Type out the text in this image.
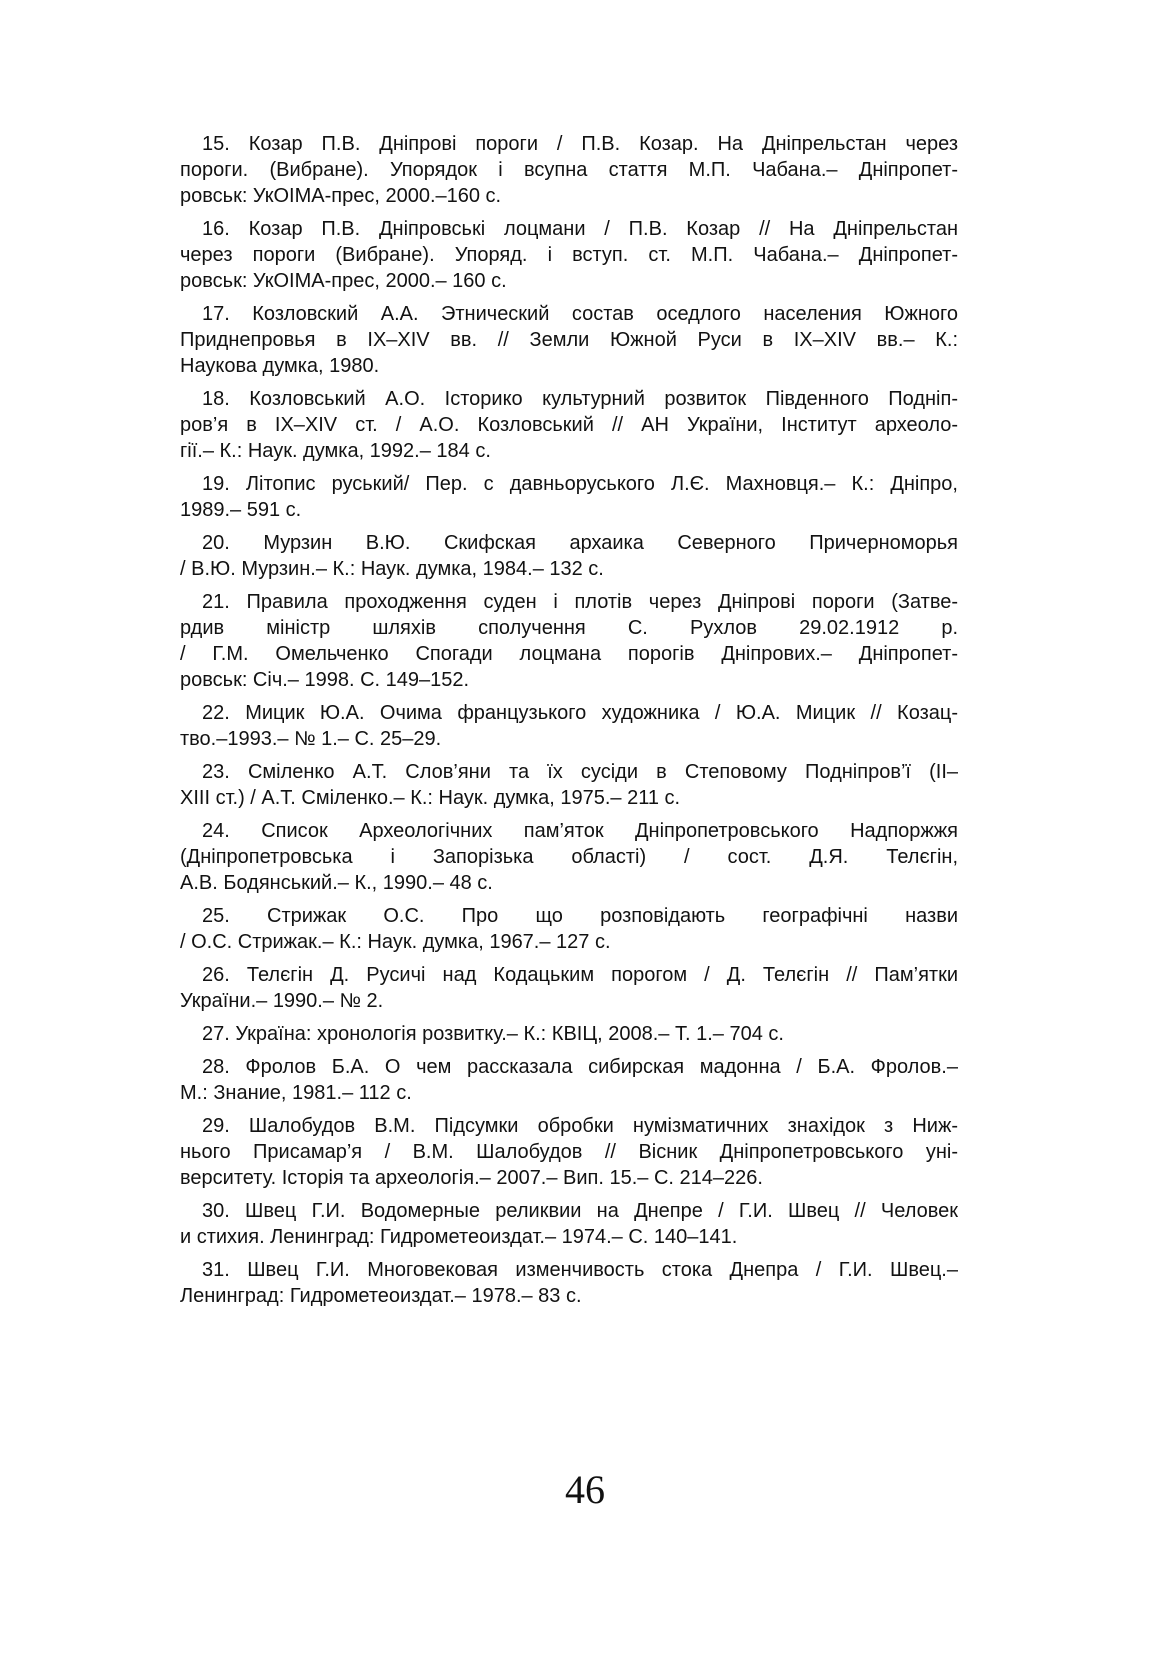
15. Козар П.В. Дніпрові пороги / П.В. Козар. На Дніпрельстан через
пороги. (Вибране). Упорядок і всупна стаття М.П. Чабана.– Дніпропет-
ровськ: УкОІМА-прес, 2000.–160 с.

16. Козар П.В. Дніпровські лоцмани / П.В. Козар // На Дніпрельстан
через пороги (Вибране). Упоряд. і вступ. ст. М.П. Чабана.– Дніпропет-
ровськ: УкОІМА-прес, 2000.– 160 с.

17. Козловский А.А. Этнический состав оседлого населения Южного
Приднепровья в IX–XIV вв. // Земли Южной Руси в IX–XIV вв.– К.:
Наукова думка, 1980.

18. Козловський А.О. Історико культурний розвиток Південного Подніп-
ров’я в IX–XIV ст. / А.О. Козловський // АН України, Інститут археоло-
гії.– К.: Наук. думка, 1992.– 184 с.

19. Літопис руський/ Пер. с давньоруського Л.Є. Махновця.– К.: Дніпро,
1989.– 591 с.

20. Мурзин В.Ю. Скифская архаика Северного Причерноморья
/ В.Ю. Мурзин.– К.: Наук. думка, 1984.– 132 с.

21. Правила проходження суден і плотів через Дніпрові пороги (Затве-
рдив міністр шляхів сполучення С. Рухлов 29.02.1912 р.
/ Г.М. Омельченко Спогади лоцмана порогів Дніпрових.– Дніпропет-
ровськ: Січ.– 1998. С. 149–152.

22. Мицик Ю.А. Очима французького художника / Ю.А. Мицик // Козац-
тво.–1993.– № 1.– С. 25–29.

23. Сміленко А.Т. Слов’яни та їх сусіди в Степовому Подніпров’ї (II–
XIII ст.) / А.Т. Сміленко.– К.: Наук. думка, 1975.– 211 с.

24. Список Археологічних пам’яток Дніпропетровського Надпоржжя
(Дніпропетровська і Запорізька області) / сост. Д.Я. Телєгін,
А.В. Бодянський.– К., 1990.– 48 с.

25. Стрижак О.С. Про що розповідають географічні назви
/ О.С. Стрижак.– К.: Наук. думка, 1967.– 127 с.

26. Телєгін Д. Русичі над Кодацьким порогом / Д. Телєгін // Пам’ятки
України.– 1990.– № 2.

27. Україна: хронологія розвитку.– К.: КВІЦ, 2008.– Т. 1.– 704 с.

28. Фролов Б.А. О чем рассказала сибирская мадонна / Б.А. Фролов.–
М.: Знание, 1981.– 112 с.

29. Шалобудов В.М. Підсумки обробки нумізматичних знахідок з Ниж-
нього Присамар’я / В.М. Шалобудов // Вісник Дніпропетровського уні-
верситету. Історія та археологія.– 2007.– Вип. 15.– С. 214–226.

30. Швец Г.И. Водомерные реликвии на Днепре / Г.И. Швец // Человек
и стихия. Ленинград: Гидрометеоиздат.– 1974.– С. 140–141.

31. Швец Г.И. Многовековая изменчивость стока Днепра / Г.И. Швец.–
Ленинград: Гидрометеоиздат.– 1978.– 83 с.

46
